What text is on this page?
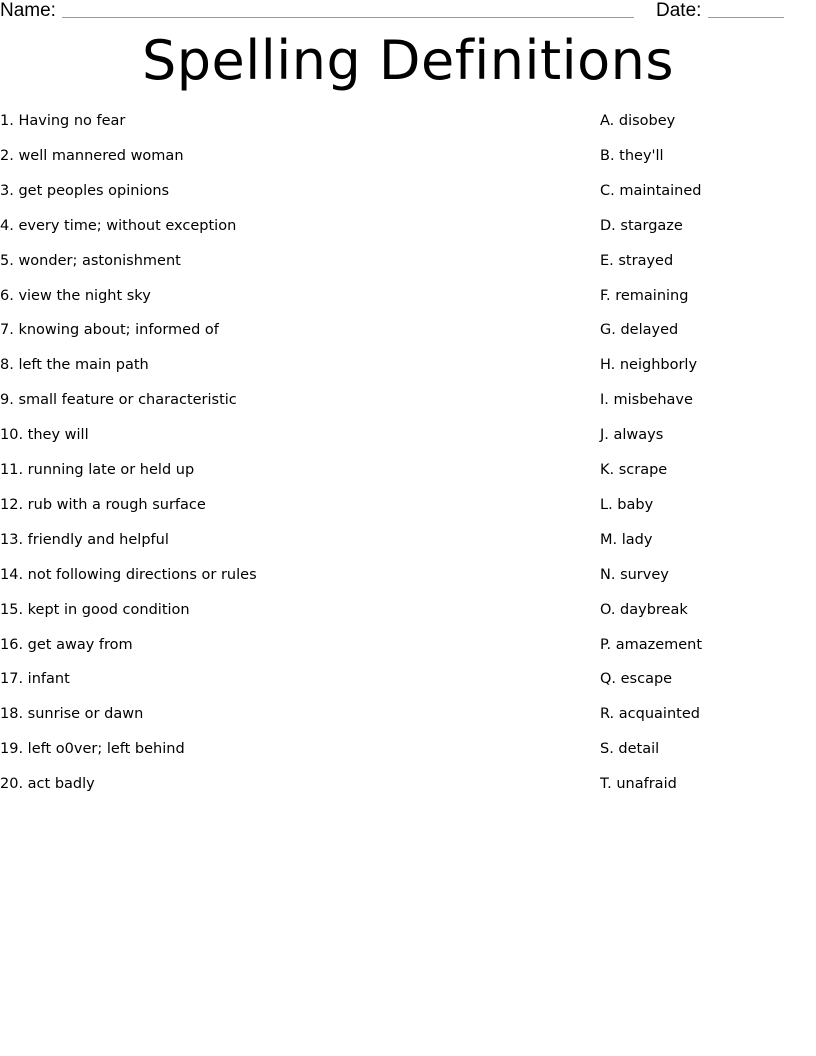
Name:	Date:
Spelling Definitions
1. Having no fear	A. disobey
2. well mannered woman	B. they'll
3. get peoples opinions	C. maintained
4. every time; without exception	D. stargaze
5. wonder; astonishment	E. strayed
6. view the night sky	F. remaining
7. knowing about; informed of	G. delayed
8. left the main path	H. neighborly
9. small feature or characteristic	I. misbehave
10. they will	J. always
11. running late or held up	K. scrape
12. rub with a rough surface	L. baby
13. friendly and helpful	M. lady
14. not following directions or rules	N. survey
15. kept in good condition	O. daybreak
16. get away from	P. amazement
17. infant	Q. escape
18. sunrise or dawn	R. acquainted
19. left o0ver; left behind	S. detail
20. act badly	T. unafraid
